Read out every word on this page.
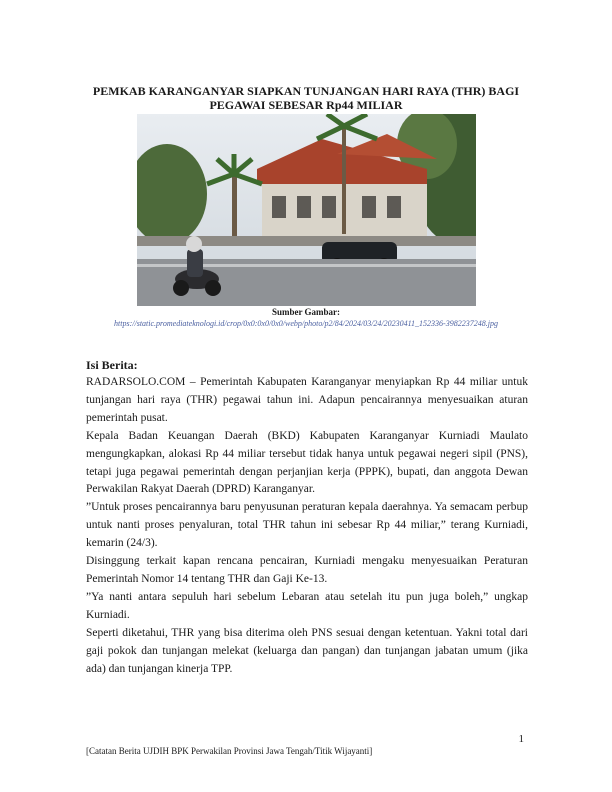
PEMKAB KARANGANYAR SIAPKAN TUNJANGAN HARI RAYA (THR) BAGI PEGAWAI SEBESAR Rp44 MILIAR
Sumber Gambar:
https://static.promediateknologi.id/crop/0x0:0x0/0x0/webp/photo/p2/84/2024/03/24/20230411_152336-3982237248.jpg
Isi Berita:

RADARSOLO.COM – Pemerintah Kabupaten Karanganyar menyiapkan Rp 44 miliar untuk tunjangan hari raya (THR) pegawai tahun ini. Adapun pencairannya menyesuaikan aturan pemerintah pusat.

Kepala Badan Keuangan Daerah (BKD) Kabupaten Karanganyar Kurniadi Maulato mengungkapkan, alokasi Rp 44 miliar tersebut tidak hanya untuk pegawai negeri sipil (PNS), tetapi juga pegawai pemerintah dengan perjanjian kerja (PPPK), bupati, dan anggota Dewan Perwakilan Rakyat Daerah (DPRD) Karanganyar.

”Untuk proses pencairannya baru penyusunan peraturan kepala daerahnya. Ya semacam perbup untuk nanti proses penyaluran, total THR tahun ini sebesar Rp 44 miliar,” terang Kurniadi, kemarin (24/3).

Disinggung terkait kapan rencana pencairan, Kurniadi mengaku menyesuaikan Peraturan Pemerintah Nomor 14 tentang THR dan Gaji Ke-13.

”Ya nanti antara sepuluh hari sebelum Lebaran atau setelah itu pun juga boleh,” ungkap Kurniadi.

Seperti diketahui, THR yang bisa diterima oleh PNS sesuai dengan ketentuan. Yakni total dari gaji pokok dan tunjangan melekat (keluarga dan pangan) dan tunjangan jabatan umum (jika ada) dan tunjangan kinerja TPP.

1
[Catatan Berita UJDIH BPK Perwakilan Provinsi Jawa Tengah/Titik Wijayanti]
